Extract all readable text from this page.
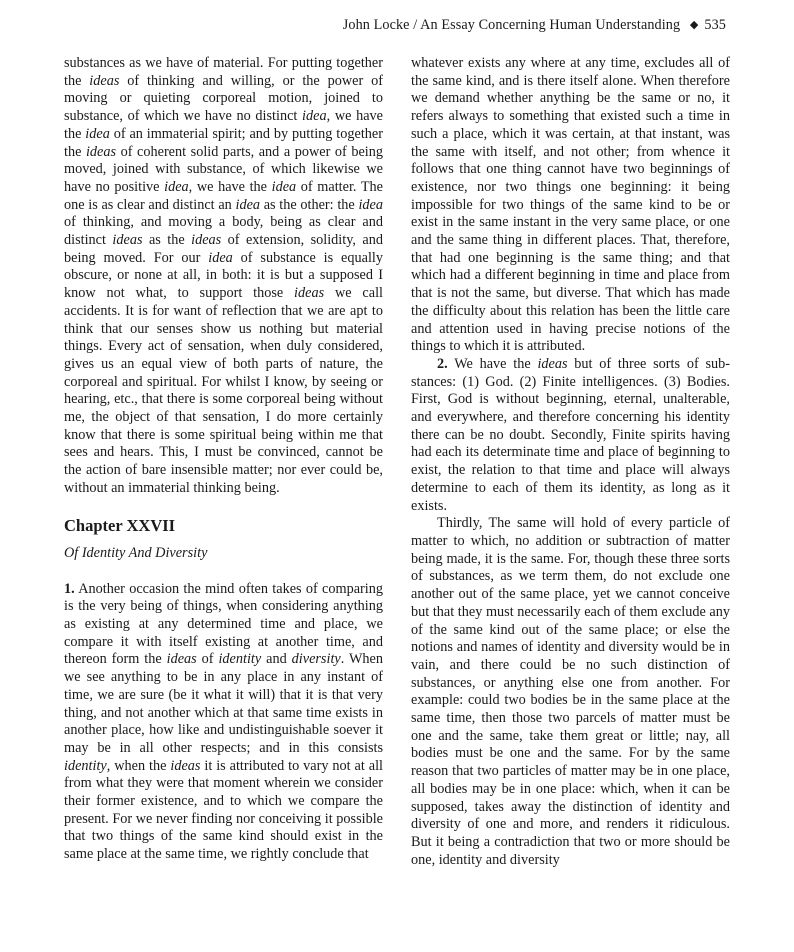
John Locke / An Essay Concerning Human Understanding ◆ 535

substances as we have of material. For putting together the ideas of thinking and willing, or the power of moving or quieting corporeal motion, joined to substance, of which we have no distinct idea, we have the idea of an immaterial spirit; and by putting together the ideas of coherent solid parts, and a power of being moved, joined with substance, of which likewise we have no positive idea, we have the idea of matter. The one is as clear and distinct an idea as the other: the idea of thinking, and moving a body, being as clear and distinct ideas as the ideas of extension, solidity, and being moved. For our idea of substance is equally obscure, or none at all, in both: it is but a supposed I know not what, to support those ideas we call accidents. It is for want of reflection that we are apt to think that our senses show us nothing but material things. Every act of sensation, when duly considered, gives us an equal view of both parts of nature, the corporeal and spiritual. For whilst I know, by seeing or hearing, etc., that there is some corporeal being without me, the object of that sensation, I do more certainly know that there is some spiritual being within me that sees and hears. This, I must be convinced, cannot be the action of bare insensible matter; nor ever could be, without an immaterial thinking being.

Chapter XXVII
Of Identity And Diversity

1. Another occasion the mind often takes of comparing is the very being of things, when considering anything as existing at any determined time and place, we compare it with itself existing at another time, and thereon form the ideas of identity and diversity. When we see anything to be in any place in any instant of time, we are sure (be it what it will) that it is that very thing, and not another which at that same time exists in another place, how like and undistinguishable soever it may be in all other respects; and in this consists identity, when the ideas it is attributed to vary not at all from what they were that moment wherein we consider their former existence, and to which we compare the present. For we never finding nor conceiving it possible that two things of the same kind should exist in the same place at the same time, we rightly conclude that

whatever exists any where at any time, excludes all of the same kind, and is there itself alone. When therefore we demand whether anything be the same or no, it refers always to something that existed such a time in such a place, which it was certain, at that instant, was the same with itself, and not other; from whence it follows that one thing cannot have two beginnings of existence, nor two things one beginning: it being impossible for two things of the same kind to be or exist in the same instant in the very same place, or one and the same thing in different places. That, therefore, that had one beginning is the same thing; and that which had a different beginning in time and place from that is not the same, but diverse. That which has made the difficulty about this relation has been the little care and attention used in having precise notions of the things to which it is attributed.

2. We have the ideas but of three sorts of substances: (1) God. (2) Finite intelligences. (3) Bodies. First, God is without beginning, eternal, unalterable, and everywhere, and therefore concerning his identity there can be no doubt. Secondly, Finite spirits having had each its determinate time and place of beginning to exist, the relation to that time and place will always determine to each of them its identity, as long as it exists.

Thirdly, The same will hold of every particle of matter to which, no addition or subtraction of matter being made, it is the same. For, though these three sorts of substances, as we term them, do not exclude one another out of the same place, yet we cannot conceive but that they must necessarily each of them exclude any of the same kind out of the same place; or else the notions and names of identity and diversity would be in vain, and there could be no such distinction of substances, or anything else one from another. For example: could two bodies be in the same place at the same time, then those two parcels of matter must be one and the same, take them great or little; nay, all bodies must be one and the same. For by the same reason that two particles of matter may be in one place, all bodies may be in one place: which, when it can be supposed, takes away the distinction of identity and diversity of one and more, and renders it ridiculous. But it being a contradiction that two or more should be one, identity and diversity
